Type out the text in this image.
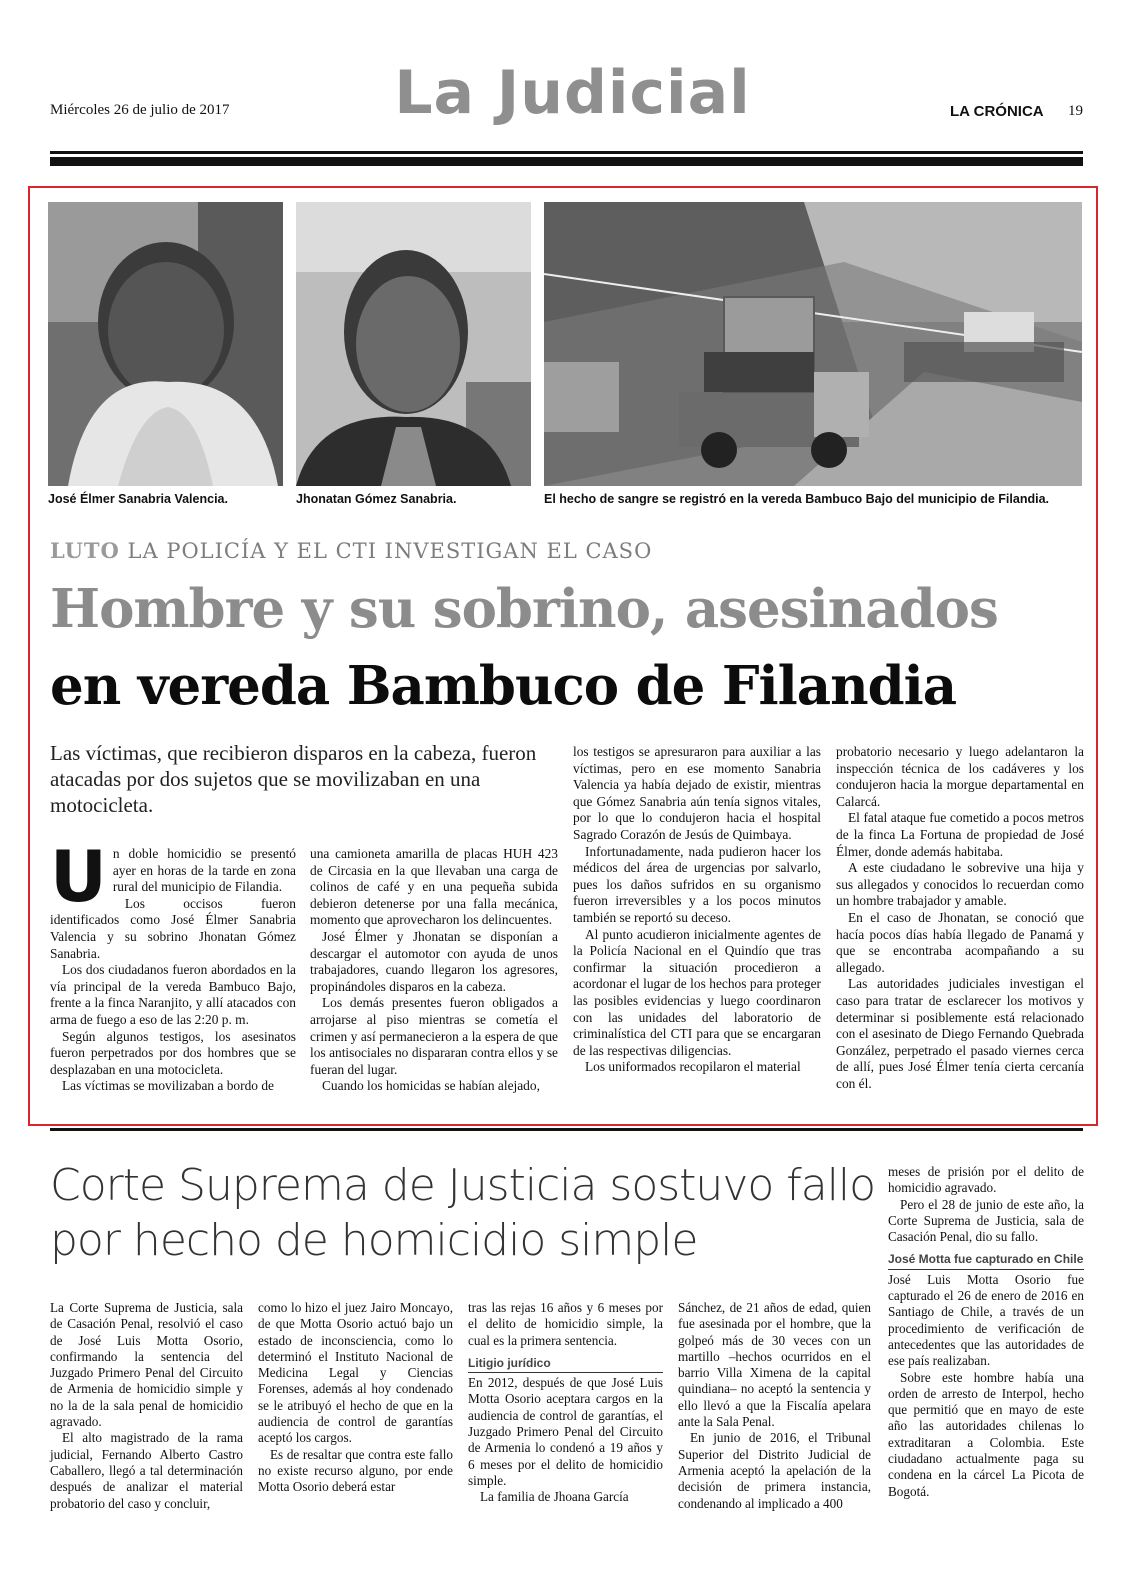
Miércoles 26 de julio de 2017	La Judicial	LA CRÓNICA 19
José Élmer Sanabria Valencia.	Jhonatan Gómez Sanabria.	El hecho de sangre se registró en la vereda Bambuco Bajo del municipio de Filandia.
LUTO LA POLICÍA Y EL CTI INVESTIGAN EL CASO
Hombre y su sobrino, asesinados
en vereda Bambuco de Filandia
Las víctimas, que recibieron disparos en la cabeza, fueron atacadas por dos sujetos que se movilizaban en una motocicleta.

Un doble homicidio se presentó ayer en horas de la tarde en zona rural del municipio de Filandia.

Los occisos fueron identificados como José Élmer Sanabria Valencia y su sobrino Jhonatan Gómez Sanabria.

Los dos ciudadanos fueron abordados en la vía principal de la vereda Bambuco Bajo, frente a la finca Naranjito, y allí atacados con arma de fuego a eso de las 2:20 p. m.

Según algunos testigos, los asesinatos fueron perpetrados por dos hombres que se desplazaban en una motocicleta.

Las víctimas se movilizaban a bordo de

una camioneta amarilla de placas HUH 423 de Circasia en la que llevaban una carga de colinos de café y en una pequeña subida debieron detenerse por una falla mecánica, momento que aprovecharon los delincuentes.

José Élmer y Jhonatan se disponían a descargar el automotor con ayuda de unos trabajadores, cuando llegaron los agresores, propinándoles disparos en la cabeza.

Los demás presentes fueron obligados a arrojarse al piso mientras se cometía el crimen y así permanecieron a la espera de que los antisociales no dispararan contra ellos y se fueran del lugar.

Cuando los homicidas se habían alejado,

los testigos se apresuraron para auxiliar a las víctimas, pero en ese momento Sanabria Valencia ya había dejado de existir, mientras que Gómez Sanabria aún tenía signos vitales, por lo que lo condujeron hacia el hospital Sagrado Corazón de Jesús de Quimbaya.

Infortunadamente, nada pudieron hacer los médicos del área de urgencias por salvarlo, pues los daños sufridos en su organismo fueron irreversibles y a los pocos minutos también se reportó su deceso.

Al punto acudieron inicialmente agentes de la Policía Nacional en el Quindío que tras confirmar la situación procedieron a acordonar el lugar de los hechos para proteger las posibles evidencias y luego coordinaron con las unidades del laboratorio de criminalística del CTI para que se encargaran de las respectivas diligencias.

Los uniformados recopilaron el material

probatorio necesario y luego adelantaron la inspección técnica de los cadáveres y los condujeron hacia la morgue departamental en Calarcá.

El fatal ataque fue cometido a pocos metros de la finca La Fortuna de propiedad de José Élmer, donde además habitaba.

A este ciudadano le sobrevive una hija y sus allegados y conocidos lo recuerdan como un hombre trabajador y amable.

En el caso de Jhonatan, se conoció que hacía pocos días había llegado de Panamá y que se encontraba acompañando a su allegado.

Las autoridades judiciales investigan el caso para tratar de esclarecer los motivos y determinar si posiblemente está relacionado con el asesinato de Diego Fernando Quebrada González, perpetrado el pasado viernes cerca de allí, pues José Élmer tenía cierta cercanía con él.

Corte Suprema de Justicia sostuvo fallo por hecho de homicidio simple

La Corte Suprema de Justicia, sala de Casación Penal, resolvió el caso de José Luis Motta Osorio, confirmando la sentencia del Juzgado Primero Penal del Circuito de Armenia de homicidio simple y no la de la sala penal de homicidio agravado.

El alto magistrado de la rama judicial, Fernando Alberto Castro Caballero, llegó a tal determinación después de analizar el material probatorio del caso y concluir,

como lo hizo el juez Jairo Moncayo, de que Motta Osorio actuó bajo un estado de inconsciencia, como lo determinó el Instituto Nacional de Medicina Legal y Ciencias Forenses, además al hoy condenado se le atribuyó el hecho de que en la audiencia de control de garantías aceptó los cargos.

Es de resaltar que contra este fallo no existe recurso alguno, por ende Motta Osorio deberá estar

tras las rejas 16 años y 6 meses por el delito de homicidio simple, la cual es la primera sentencia.

Litigio jurídico

En 2012, después de que José Luis Motta Osorio aceptara cargos en la audiencia de control de garantías, el Juzgado Primero Penal del Circuito de Armenia lo condenó a 19 años y 6 meses por el delito de homicidio simple.

La familia de Jhoana García

Sánchez, de 21 años de edad, quien fue asesinada por el hombre, que la golpeó más de 30 veces con un martillo –hechos ocurridos en el barrio Villa Ximena de la capital quindiana– no aceptó la sentencia y ello llevó a que la Fiscalía apelara ante la Sala Penal.

En junio de 2016, el Tribunal Superior del Distrito Judicial de Armenia aceptó la apelación de la decisión de primera instancia, condenando al implicado a 400

meses de prisión por el delito de homicidio agravado.

Pero el 28 de junio de este año, la Corte Suprema de Justicia, sala de Casación Penal, dio su fallo.

José Motta fue capturado en Chile

José Luis Motta Osorio fue capturado el 26 de enero de 2016 en Santiago de Chile, a través de un procedimiento de verificación de antecedentes que las autoridades de ese país realizaban.

Sobre este hombre había una orden de arresto de Interpol, hecho que permitió que en mayo de este año las autoridades chilenas lo extraditaran a Colombia. Este ciudadano actualmente paga su condena en la cárcel La Picota de Bogotá.
